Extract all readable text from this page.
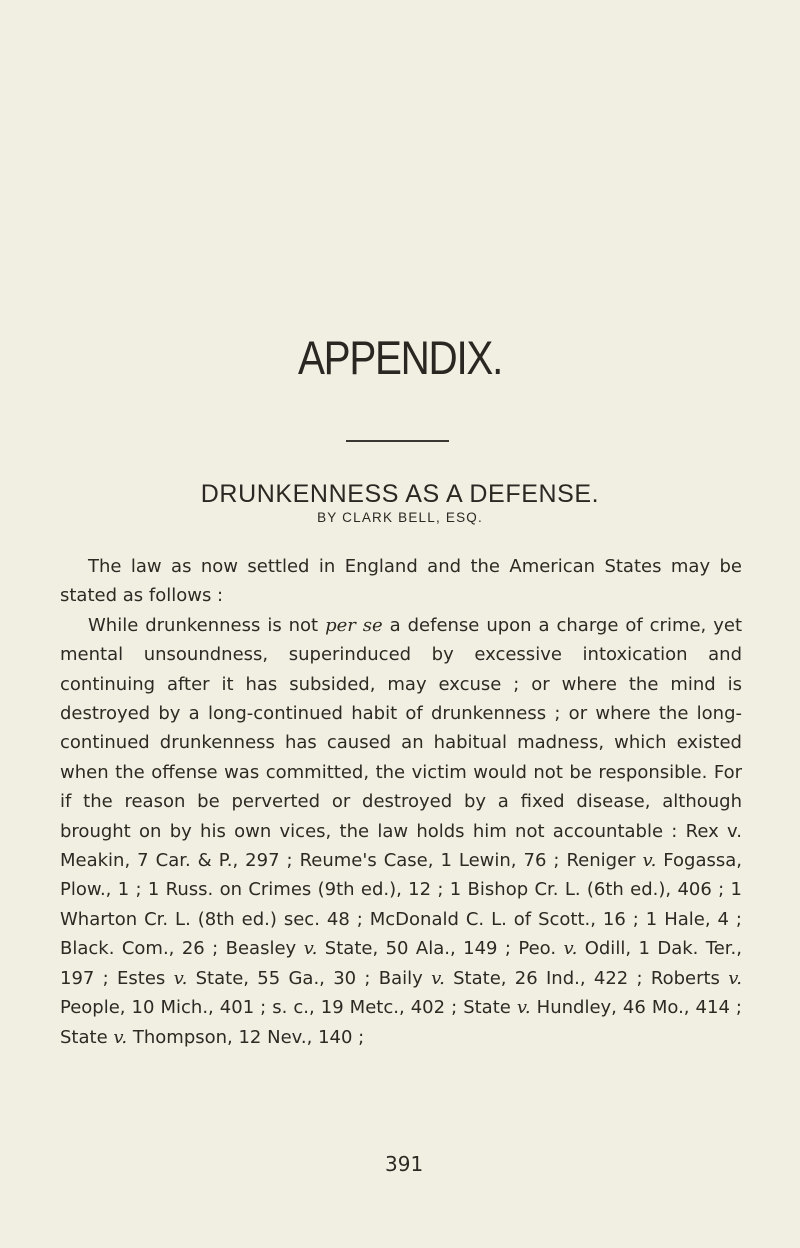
APPENDIX.
DRUNKENNESS AS A DEFENSE.
BY CLARK BELL, ESQ.

The law as now settled in England and the American States may be stated as follows :

While drunkenness is not per se a defense upon a charge of crime, yet mental unsoundness, superinduced by excessive intoxication and continuing after it has subsided, may excuse ; or where the mind is destroyed by a long-continued habit of drunkenness ; or where the long-continued drunkenness has caused an habitual madness, which existed when the offense was committed, the victim would not be responsible. For if the reason be perverted or destroyed by a fixed disease, although brought on by his own vices, the law holds him not accountable : Rex v. Meakin, 7 Car. & P., 297 ; Reume's Case, 1 Lewin, 76 ; Reniger v. Fogassa, Plow., 1 ; 1 Russ. on Crimes (9th ed.), 12 ; 1 Bishop Cr. L. (6th ed.), 406 ; 1 Wharton Cr. L. (8th ed.) sec. 48 ; McDonald C. L. of Scott., 16 ; 1 Hale, 4 ; Black. Com., 26 ; Beasley v. State, 50 Ala., 149 ; Peo. v. Odill, 1 Dak. Ter., 197 ; Estes v. State, 55 Ga., 30 ; Baily v. State, 26 Ind., 422 ; Roberts v. People, 10 Mich., 401 ; s. c., 19 Metc., 402 ; State v. Hundley, 46 Mo., 414 ; State v. Thompson, 12 Nev., 140 ;

391
